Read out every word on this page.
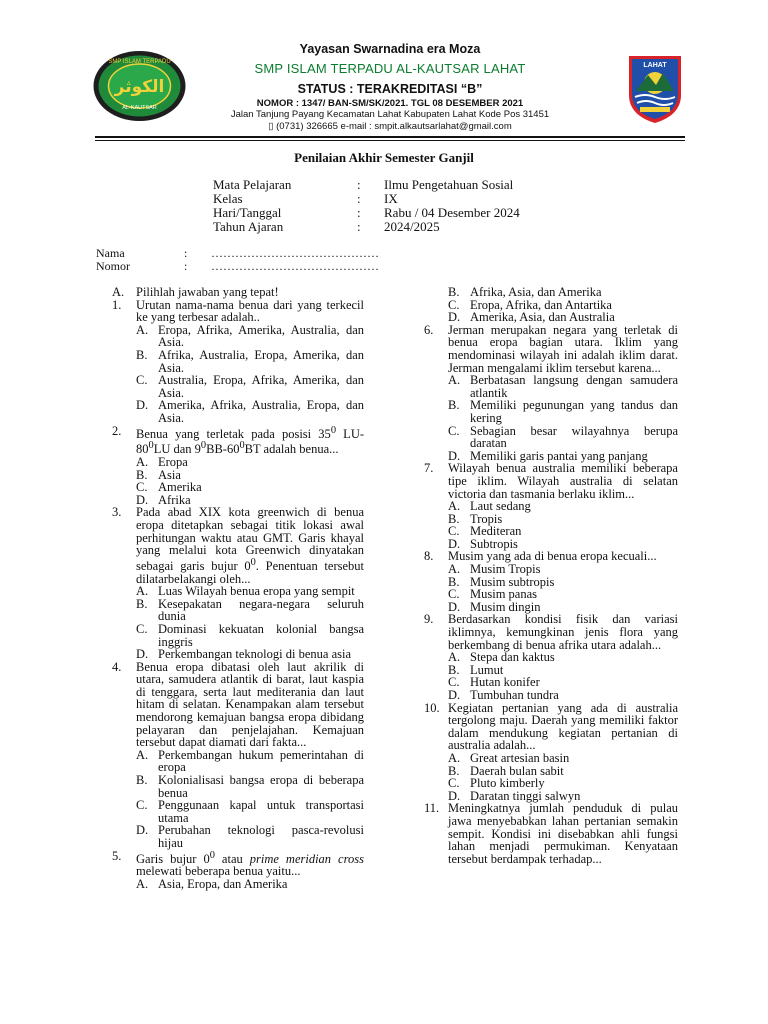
SMP ISLAM TERPADU
الكوثر
AL-KAUTSAR
LAHAT
Yayasan Swarnadina era Moza
SMP ISLAM TERPADU AL-KAUTSAR LAHAT
STATUS : TERAKREDITASI “B”
NOMOR : 1347/ BAN-SM/SK/2021. TGL 08 DESEMBER 2021
Jalan Tanjung Payang Kecamatan Lahat Kabupaten Lahat Kode Pos 31451
▯ (0731) 326665 e-mail : smpit.alkautsarlahat@gmail.com
Penilaian Akhir Semester Ganjil
Mata Pelajaran	:	Ilmu Pengetahuan Sosial
Kelas	:	IX
Hari/Tanggal	:	Rabu / 04 Desember 2024
Tahun Ajaran	:	2024/2025
Nama	:	……………………………………
Nomor	:	……………………………………
A. Pilihlah jawaban yang tepat!
1.	Urutan nama-nama benua dari yang terkecil ke yang terbesar adalah..
A. Eropa, Afrika, Amerika, Australia, dan Asia.
B. Afrika, Australia, Eropa, Amerika, dan Asia.
C. Australia, Eropa, Afrika, Amerika, dan Asia.
D. Amerika, Afrika, Australia, Eropa, dan Asia.
2.	Benua yang terletak pada posisi $35^0$ $LU-80^0LU$ dan $9^0BB-60^0BT$ adalah benua...
A. Eropa
B. Asia
C. Amerika
D. Afrika
3.	Pada abad XIX kota greenwich di benua eropa ditetapkan sebagai titik lokasi awal perhitungan waktu atau GMT. Garis khayal yang melalui kota Greenwich dinyatakan sebagai garis bujur $0^0$. Penentuan tersebut dilatarbelakangi oleh...
A. Luas Wilayah benua eropa yang sempit
B. Kesepakatan negara-negara seluruh dunia
C. Dominasi kekuatan kolonial bangsa inggris
D. Perkembangan teknologi di benua asia
4.	Benua eropa dibatasi oleh laut akrilik di utara, samudera atlantik di barat, laut kaspia di tenggara, serta laut mediterania dan laut hitam di selatan. Kenampakan alam tersebut mendorong kemajuan bangsa eropa dibidang pelayaran dan penjelajahan. Kemajuan tersebut dapat diamati dari fakta...
A. Perkembangan hukum pemerintahan di eropa
B. Kolonialisasi bangsa eropa di beberapa benua
C. Penggunaan kapal untuk transportasi utama
D. Perubahan teknologi pasca-revolusi hijau
5.	Garis bujur $0^0$ atau prime meridian cross melewati beberapa benua yaitu...
A. Asia, Eropa, dan Amerika
B. Afrika, Asia, dan Amerika
C. Eropa, Afrika, dan Antartika
D. Amerika, Asia, dan Australia
6.	Jerman merupakan negara yang terletak di benua eropa bagian utara. Iklim yang mendominasi wilayah ini adalah iklim darat. Jerman mengalami iklim tersebut karena...
A. Berbatasan langsung dengan samudera atlantik
B. Memiliki pegunungan yang tandus dan kering
C. Sebagian besar wilayahnya berupa daratan
D. Memiliki garis pantai yang panjang
7.	Wilayah benua australia memiliki beberapa tipe iklim. Wilayah australia di selatan victoria dan tasmania berlaku iklim...
A. Laut sedang
B. Tropis
C. Mediteran
D. Subtropis
8.	Musim yang ada di benua eropa kecuali...
A. Musim Tropis
B. Musim subtropis
C. Musim panas
D. Musim dingin
9.	Berdasarkan kondisi fisik dan variasi iklimnya, kemungkinan jenis flora yang berkembang di benua afrika utara adalah...
A. Stepa dan kaktus
B. Lumut
C. Hutan konifer
D. Tumbuhan tundra
10. Kegiatan pertanian yang ada di australia tergolong maju. Daerah yang memiliki faktor dalam mendukung kegiatan pertanian di australia adalah...
A. Great artesian basin
B. Daerah bulan sabit
C. Pluto kimberly
D. Daratan tinggi salwyn
11. Meningkatnya jumlah penduduk di pulau jawa menyebabkan lahan pertanian semakin sempit. Kondisi ini disebabkan ahli fungsi lahan menjadi permukiman. Kenyataan tersebut berdampak terhadap...
